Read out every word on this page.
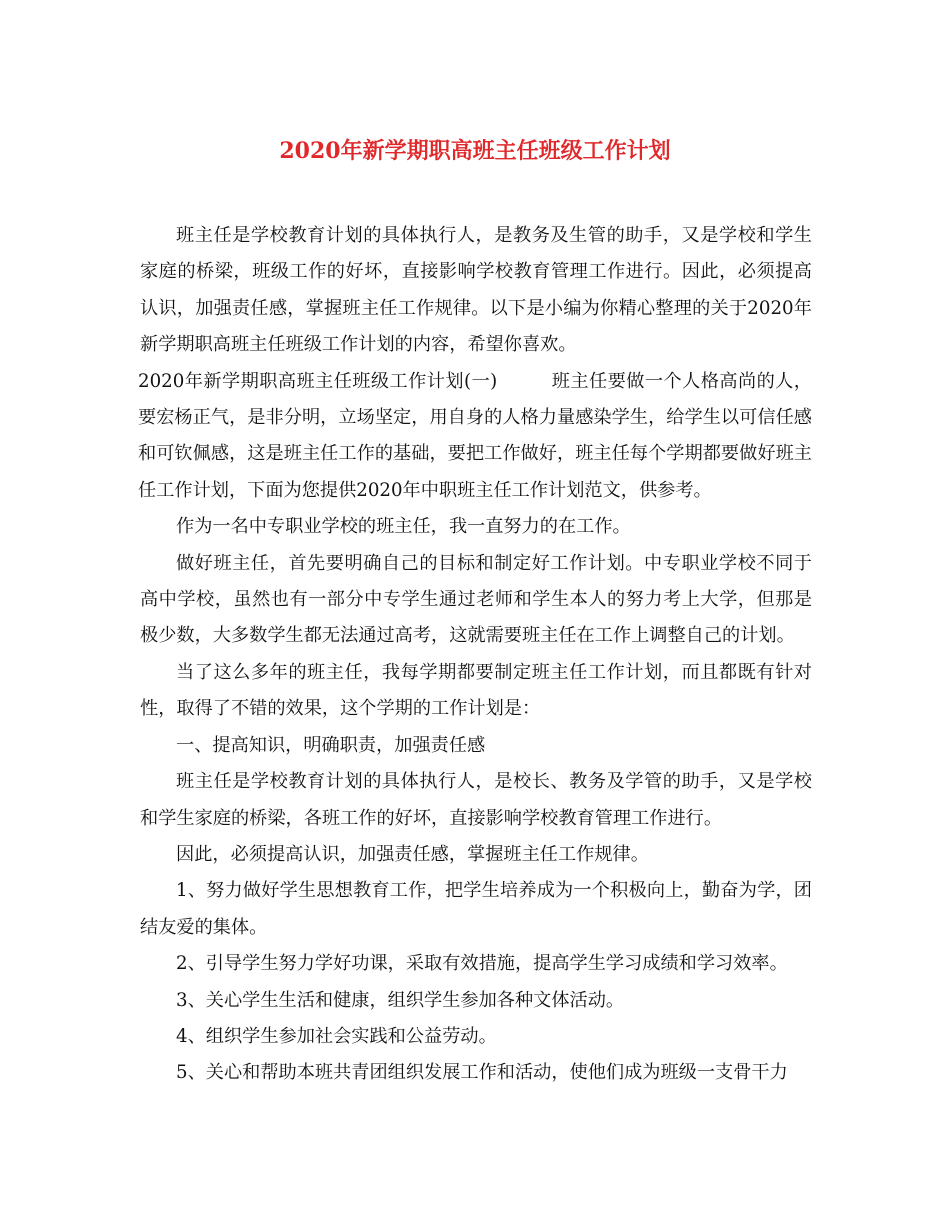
2020年新学期职高班主任班级工作计划

班主任是学校教育计划的具体执行人，是教务及生管的助手，又是学校和学生家庭的桥梁，班级工作的好坏，直接影响学校教育管理工作进行。因此，必须提高认识，加强责任感，掌握班主任工作规律。以下是小编为你精心整理的关于2020年新学期职高班主任班级工作计划的内容，希望你喜欢。

2020年新学期职高班主任班级工作计划(一)	班主任要做一个人格高尚的人，要宏杨正气，是非分明，立场坚定，用自身的人格力量感染学生，给学生以可信任感和可钦佩感，这是班主任工作的基础，要把工作做好，班主任每个学期都要做好班主任工作计划，下面为您提供2020年中职班主任工作计划范文，供参考。

作为一名中专职业学校的班主任，我一直努力的在工作。

做好班主任，首先要明确自己的目标和制定好工作计划。中专职业学校不同于高中学校，虽然也有一部分中专学生通过老师和学生本人的努力考上大学，但那是极少数，大多数学生都无法通过高考，这就需要班主任在工作上调整自己的计划。

当了这么多年的班主任，我每学期都要制定班主任工作计划，而且都既有针对性，取得了不错的效果，这个学期的工作计划是：

一、提高知识，明确职责，加强责任感

班主任是学校教育计划的具体执行人，是校长、教务及学管的助手，又是学校和学生家庭的桥梁，各班工作的好坏，直接影响学校教育管理工作进行。

因此，必须提高认识，加强责任感，掌握班主任工作规律。

1、努力做好学生思想教育工作，把学生培养成为一个积极向上，勤奋为学，团结友爱的集体。

2、引导学生努力学好功课，采取有效措施，提高学生学习成绩和学习效率。

3、关心学生生活和健康，组织学生参加各种文体活动。

4、组织学生参加社会实践和公益劳动。

5、关心和帮助本班共青团组织发展工作和活动，使他们成为班级一支骨干力
